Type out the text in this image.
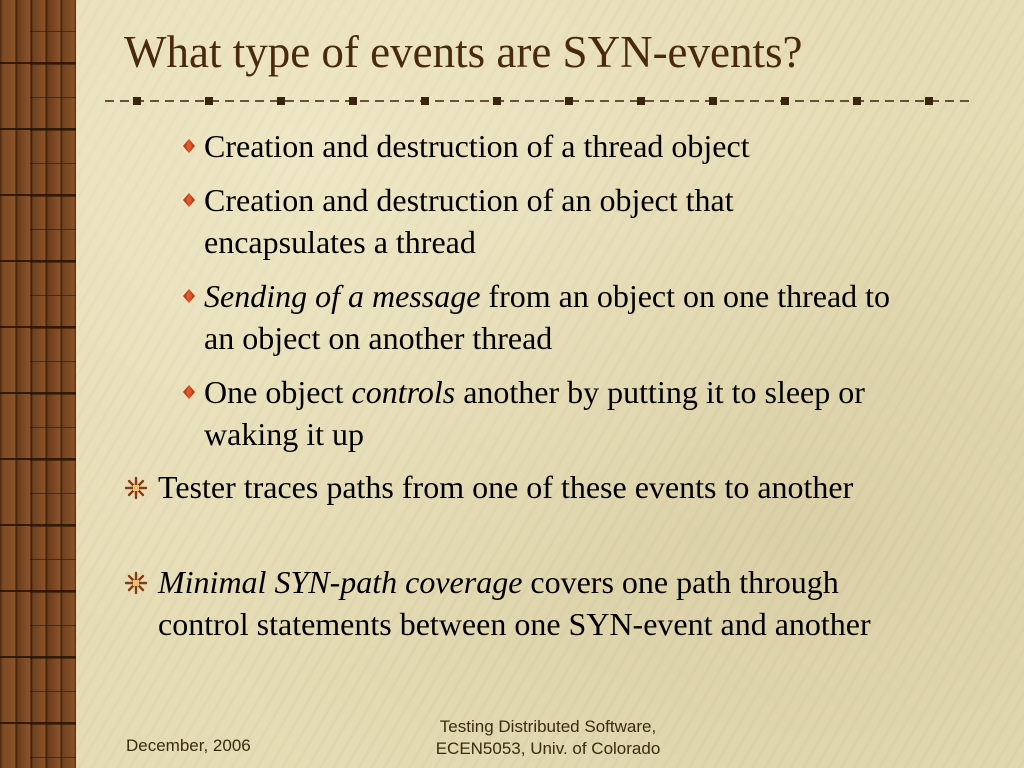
What type of events are SYN-events?
Creation and destruction of a thread object
Creation and destruction of an object that encapsulates a thread
Sending of a message from an object on one thread to an object on another thread
One object controls another by putting it to sleep or waking it up
Tester traces paths from one of these events to another
Minimal SYN-path coverage covers one path through control statements between one SYN-event and another
December, 2006
Testing Distributed Software,
ECEN5053, Univ. of Colorado
